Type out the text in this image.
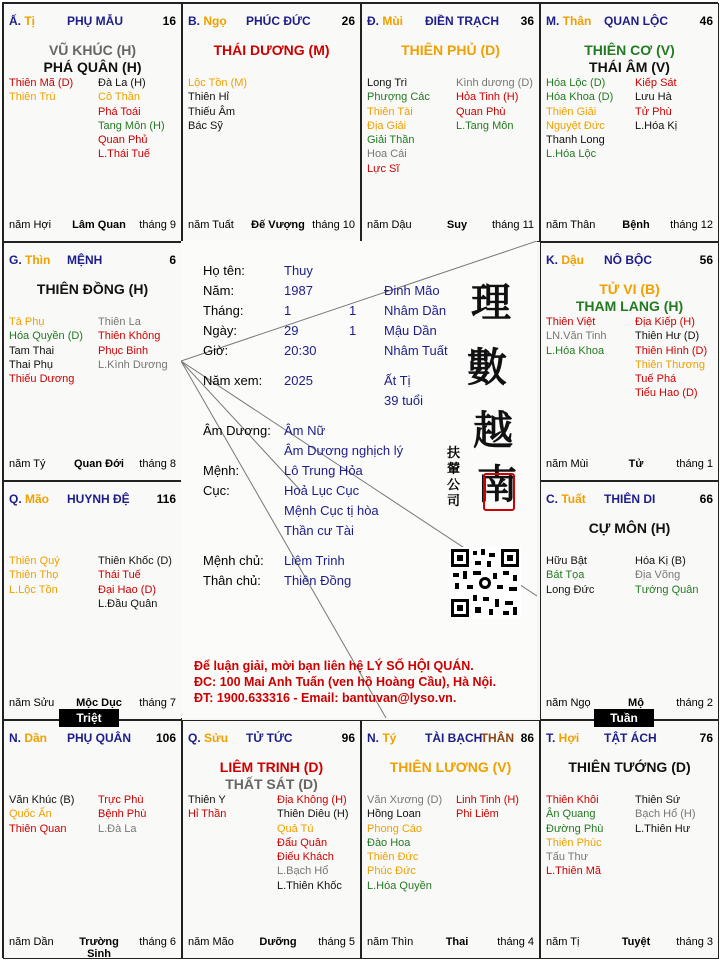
Ấ. Tị	PHỤ MẪU	16
VŨ KHÚC (H)
PHÁ QUÂN (H)
Thiên Mã (D)
Thiên Trù
Đà La (H)
Cô Thần
Phá Toái
Tang Môn (H)
Quan Phủ
L.Thái Tuế
năm Hợi Lâm Quan tháng 9
B. Ngọ PHÚC ĐỨC	26
THÁI DƯƠNG (M)
Lộc Tồn (M)
Thiên Hỉ
Thiếu Âm
Bác Sỹ
năm Tuất Đế Vượng tháng 10
Đ. Mùi ĐIỀN TRẠCH 36
THIÊN PHỦ (D)
Long Trì
Phượng Các
Thiên Tài
Địa Giải
Giải Thần
Hoa Cái
Lực Sĩ
Kình dương (D)
Hỏa Tinh (H)
Quan Phù
L.Tang Môn
năm Dậu	Suy	tháng 11
M. Thân QUAN LỘC	46
THIÊN CƠ (V)
THÁI ÂM (V)
Hóa Lộc (D)
Hóa Khoa (D)
Thiên Giải
Nguyệt Đức
Thanh Long
L.Hóa Lộc
Kiếp Sát
Lưu Hà
Tử Phù
L.Hóa Kị
năm Thân	Bệnh	tháng 12
G. Thìn MỆNH	6
THIÊN ĐỒNG (H)
Tả Phụ
Hóa Quyền (D)
Tam Thai
Thai Phụ
Thiếu Dương
Thiên La
Thiên Không
Phục Binh
L.Kình Dương
năm Tý	Quan Đới	tháng 8
K. Dậu NÔ BỘC	56
TỬ VI (B)
THAM LANG (H)
Thiên Việt
LN.Văn Tinh
L.Hóa Khoa
Địa Kiếp (H)
Thiên Hư (D)
Thiên Hình (D)
Thiên Thương
Tuế Phá
Tiểu Hao (D)
năm Mùi	Tử	tháng 1
Q. Mão HUYNH ĐỆ 116
Thiên Quý
Thiên Thọ
L.Lộc Tồn
Thiên Khốc (D)
Thái Tuế
Đại Hao (D)
L.Đầu Quân
năm Sửu	Mộc Dục	tháng 7
C. Tuất THIÊN DI	66
CỰ MÔN (H)
Hữu Bật
Bát Tọa
Long Đức
Hóa Kị (B)
Địa Võng
Tướng Quân
năm Ngọ	Mộ	tháng 2
N. Dần PHỤ QUÂN 106
Văn Khúc (B)
Quốc Ấn
Thiên Quan
Trực Phù
Bệnh Phù
L.Đà La
năm Dần	Trường Sinh
tháng 6
Q. Sửu TỬ TỨC	96
LIÊM TRINH (D)
THẤT SÁT (D)
Thiên Y
Hỉ Thần
Địa Không (H)
Thiên Diêu (H)
Quả Tú
Đẩu Quân
Điếu Khách
L.Bạch Hổ
L.Thiên Khốc
năm Mão	Dưỡng	tháng 5
N. Tý TÀI BẠCH
THÂN 86
THIÊN LƯƠNG (V)
Văn Xương (D)
Hồng Loan
Phong Cáo
Đào Hoa
Thiên Đức
Phúc Đức
L.Hóa Quyền
Linh Tinh (H)
Phi Liêm
năm Thìn	Thai	tháng 4
T. Hợi TẬT ÁCH	76
THIÊN TƯỚNG (D)
Thiên Khôi
Ân Quang
Đường Phù
Thiên Phúc
Tấu Thư
L.Thiên Mã
Thiên Sứ
Bạch Hổ (H)
L.Thiên Hư
năm Tị	Tuyệt	tháng 3
Họ tên:	Thuy
Năm:	1987	Đinh Mão
Tháng:	1	1 Nhâm Dần
Ngày:	29	1 Mậu Dần
Giờ:	20:30	Nhâm Tuất
Năm xem: 2025	Ất Tị
39 tuổi
Âm Dương: Âm Nữ
Âm Dương nghịch lý
Mệnh:	Lô Trung Hỏa
Cục:	Hoả Lục Cục
Mệnh Cục tị hòa
Thần cư Tài
Mệnh chủ: Liêm Trinh
Thân chủ: Thiên Đồng
理
數
越
南
扶
輦
公
司
Để luận giải, mời bạn liên hệ LÝ SỐ HỘI QUÁN.
ĐC: 100 Mai Anh Tuấn (ven hồ Hoàng Cầu), Hà Nội.
ĐT: 1900.633316 - Email: bantuvan@lyso.vn.
Triệt	Tuần
